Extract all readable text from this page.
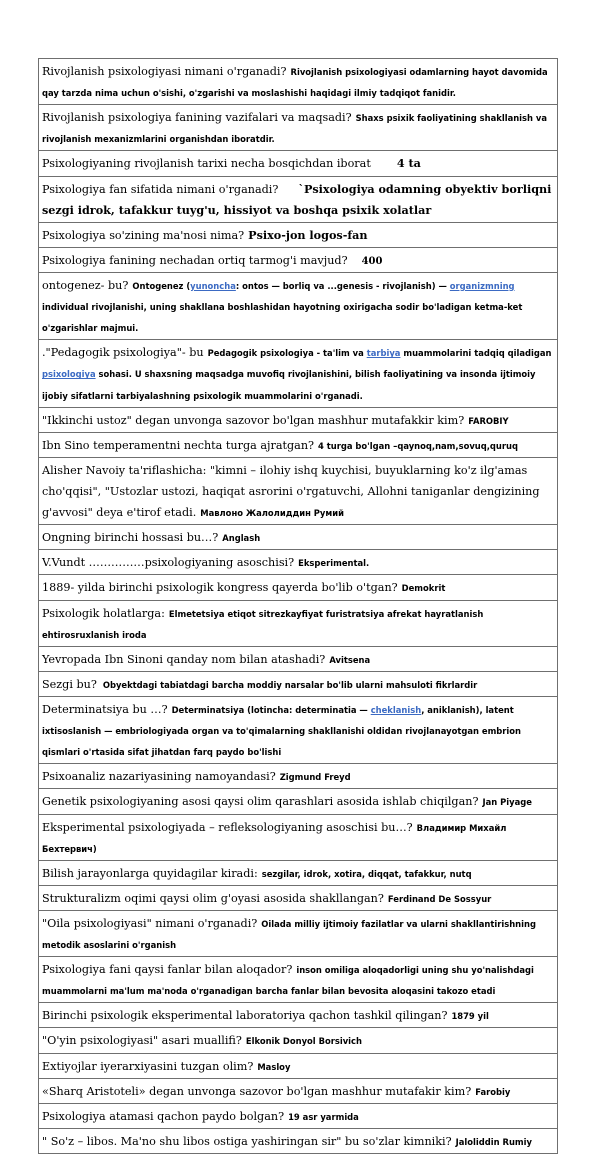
Rivojlanish psixologiyasi nimani o'rganadi? Rivojlanish psixologiyasi odamlarning hayot davomida qay tarzda nima uchun o'sishi, o'zgarishi va moslashishi haqidagi ilmiy tadqiqot fanidir.
Rivojlanish psixologiya fanining vazifalari va maqsadi? Shaxs psixik faoliyatining shakllanish va rivojlanish mexanizmlarini organishdan iboratdir.
Psixologiyaning rivojlanish tarixi necha bosqichdan iborat 4 ta
Psixologiya fan sifatida nimani o'rganadi? `Psixologiya odamning obyektiv borliqni sezgi idrok, tafakkur tuyg'u, hissiyot va boshqa psixik xolatlar
Psixologiya so'zining ma'nosi nima? Psixo-jon logos-fan
Psixologiya fanining nechadan ortiq tarmog'i mavjud? 400
ontogenez- bu? Ontogenez (yunoncha: ontos — borliq va ...genesis - rivojlanish) — organizmning individual rivojlanishi, uning shakllana boshlashidan hayotning oxirigacha sodir bo'ladigan ketma-ket o'zgarishlar majmui.
."Pedagogik psixologiya"- bu Pedagogik psixologiya - ta'lim va tarbiya muammolarini tadqiq qiladigan psixologiya sohasi. U shaxsning maqsadga muvofiq rivojlanishini, bilish faoliyatining va insonda ijtimoiy ijobiy sifatlarni tarbiyalashning psixologik muammolarini o'rganadi.
"Ikkinchi ustoz" degan unvonga sazovor bo'lgan mashhur mutafakkir kim? FAROBIY
Ibn Sino temperamentni nechta turga ajratgan? 4 turga bo'lgan –qaynoq,nam,sovuq,quruq
Alisher Navoiy ta'riflashicha: "kimni – ilohiy ishq kuychisi, buyuklarning ko'z ilg'amas cho'qqisi", "Ustozlar ustozi, haqiqat asrorini o'rgatuvchi, Allohni taniganlar dengizining g'avvosi" deya e'tirof etadi. Мавлоно Жалолиддин Румий
Ongning birinchi hossasi bu…? Anglash
V.Vundt ……………psixologiyaning asoschisi? Eksperimental.
1889- yilda birinchi psixologik kongress qayerda bo'lib o'tgan? Demokrit
Psixologik holatlarga: Elmetetsiya etiqot sitrezkayfiyat furistratsiya afrekat hayratlanish ehtirosruxlanish iroda
Yevropada Ibn Sinoni qanday nom bilan atashadi? Avitsena
Sezgi bu? Obyektdagi tabiatdagi barcha moddiy narsalar bo'lib ularni mahsuloti fikrlardir
Determinatsiya bu …? Determinatsiya (lotincha: determinatia — cheklanish, aniklanish), latent ixtisoslanish — embriologiyada organ va to'qimalarning shakllanishi oldidan rivojlanayotgan embrion qismlari o'rtasida sifat jihatdan farq paydo bo'lishi
Psixoanaliz nazariyasining namoyandasi? Zigmund Freyd
Genetik psixologiyaning asosi qaysi olim qarashlari asosida ishlab chiqilgan? Jan Piyage
Eksperimental psixologiyada – refleksologiyaning asoschisi bu…? Владимир Михайл Бехтервич)
Bilish jarayonlarga quyidagilar kiradi: sezgilar, idrok, xotira, diqqat, tafakkur, nutq
Strukturalizm oqimi qaysi olim g'oyasi asosida shakllangan? Ferdinand De Sossyur
"Oila psixologiyasi" nimani o'rganadi? Oilada milliy ijtimoiy fazilatlar va ularni shakllantirishning metodik asoslarini o'rganish
Psixologiya fani qaysi fanlar bilan aloqador? inson omiliga aloqadorligi uning shu yo'nalishdagi muammolarni ma'lum ma'noda o'rganadigan barcha fanlar bilan bevosita aloqasini takozo etadi
Birinchi psixologik eksperimental laboratoriya qachon tashkil qilingan? 1879 yil
"O'yin psixologiyasi" asari muallifi? Elkonik Donyol Borsivich
Extiyojlar iyerarxiyasini tuzgan olim? Masloy
«Sharq Aristoteli» degan unvonga sazovor bo'lgan mashhur mutafakir kim? Farobiy
Psixologiya atamasi qachon paydo bolgan? 19 asr yarmida
" So'z – libos. Ma'no shu libos ostiga yashiringan sir" bu so'zlar kimniki? Jaloliddin Rumiy
